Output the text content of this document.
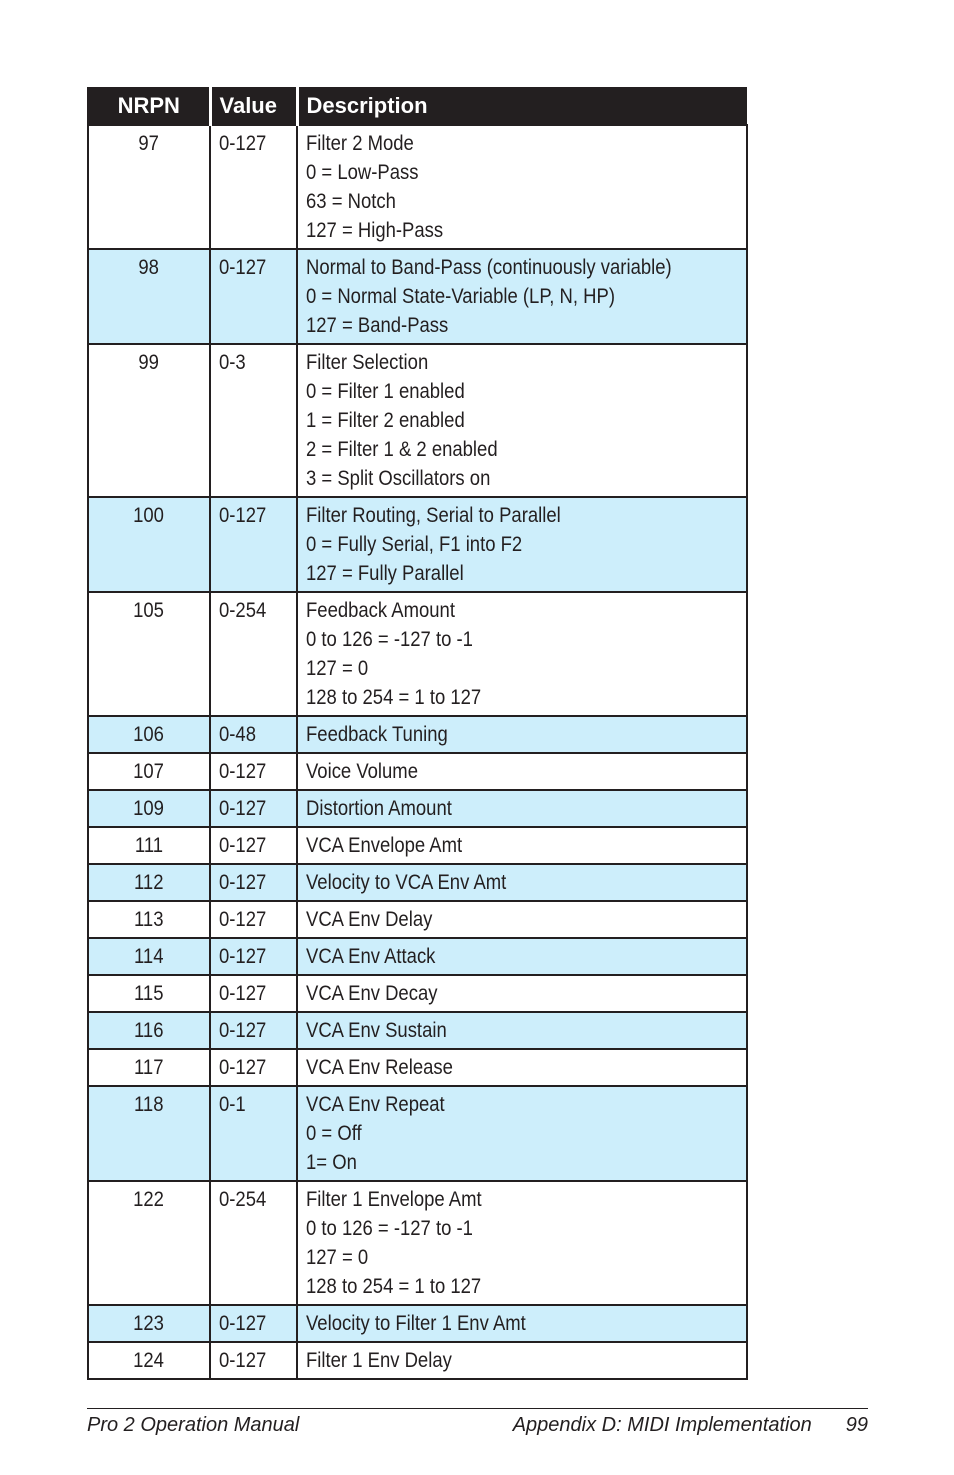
NRPN	Value	Description
97	0-127	Filter 2 Mode
0 = Low-Pass
63 = Notch
127 = High-Pass

98	0-127	Normal to Band-Pass (continuously variable)
0 = Normal State-Variable (LP, N, HP)
127 = Band-Pass

99	0-3	Filter Selection
0 = Filter 1 enabled
1 = Filter 2 enabled
2 = Filter 1 & 2 enabled
3 = Split Oscillators on

100	0-127	Filter Routing, Serial to Parallel
0 = Fully Serial, F1 into F2
127 = Fully Parallel

105	0-254	Feedback Amount
0 to 126 = -127 to -1
127 = 0
128 to 254 = 1 to 127

106	0-48	Feedback Tuning

107	0-127	Voice Volume

109	0-127	Distortion Amount

111	0-127	VCA Envelope Amt

112	0-127	Velocity to VCA Env Amt

113	0-127	VCA Env Delay

114	0-127	VCA Env Attack

115	0-127	VCA Env Decay

116	0-127	VCA Env Sustain

117	0-127	VCA Env Release

118	0-1	VCA Env Repeat
0 = Off
1= On

122	0-254	Filter 1 Envelope Amt
0 to 126 = -127 to -1
127 = 0
128 to 254 = 1 to 127

123	0-127	Velocity to Filter 1 Env Amt

124	0-127	Filter 1 Env Delay
Pro 2 Operation Manual	Appendix D: MIDI Implementation 99
